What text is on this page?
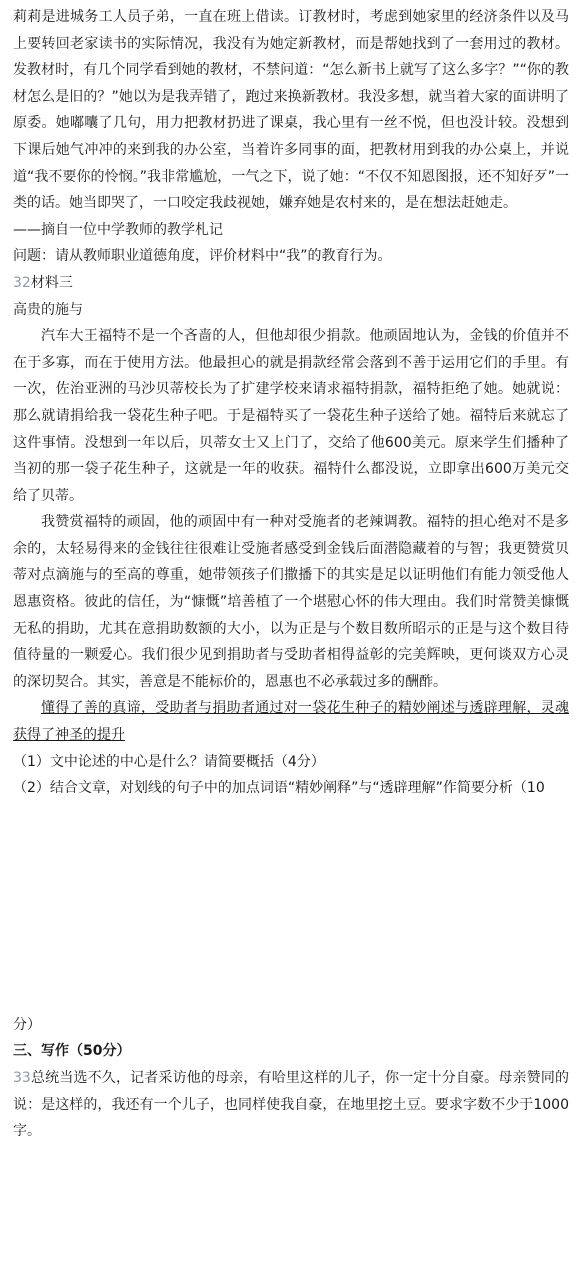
莉莉是进城务工人员子弟，一直在班上借读。订教材时，考虑到她家里的经济条件以及马上要转回老家读书的实际情况，我没有为她定新教材，而是帮她找到了一套用过的教材。发教材时，有几个同学看到她的教材，不禁问道：“怎么新书上就写了这么多字？”“你的教材怎么是旧的？”她以为是我弄错了，跑过来换新教材。我没多想，就当着大家的面讲明了原委。她嘟囔了几句，用力把教材扔进了课桌，我心里有一丝不悦，但也没计较。没想到下课后她气冲冲的来到我的办公室，当着许多同事的面，把教材用到我的办公桌上，并说道“我不要你的怜悯。”我非常尴尬，一气之下，说了她：“不仅不知恩图报，还不知好歹”一类的话。她当即哭了，一口咬定我歧视她，嫌弃她是农村来的，是在想法赶她走。

——摘自一位中学教师的教学札记

问题：请从教师职业道德角度，评价材料中“我”的教育行为。

32材料三

高贵的施与

汽车大王福特不是一个吝啬的人，但他却很少捐款。他顽固地认为，金钱的价值并不在于多寡，而在于使用方法。他最担心的就是捐款经常会落到不善于运用它们的手里。有一次，佐治亚洲的马沙贝蒂校长为了扩建学校来请求福特捐款，福特拒绝了她。她就说：那么就请捐给我一袋花生种子吧。于是福特买了一袋花生种子送给了她。福特后来就忘了这件事情。没想到一年以后，贝蒂女士又上门了，交给了他600美元。原来学生们播种了当初的那一袋子花生种子，这就是一年的收获。福特什么都没说，立即拿出600万美元交给了贝蒂。

我赞赏福特的顽固，他的顽固中有一种对受施者的老辣调教。福特的担心绝对不是多余的，太轻易得来的金钱往往很难让受施者感受到金钱后面潜隐藏着的与智；我更赞赏贝蒂对点滴施与的至高的尊重，她带领孩子们撒播下的其实是足以证明他们有能力领受他人恩惠资格。彼此的信任，为“慷慨”培善植了一个堪慰心怀的伟大理由。我们时常赞美慷慨无私的捐助，尤其在意捐助数额的大小，以为正是与个数目数所昭示的正是与这个数目待值待量的一颗爱心。我们很少见到捐助者与受助者相得益彰的完美辉映，更何谈双方心灵的深切契合。其实，善意是不能标价的，恩惠也不必承载过多的酬酢。

懂得了善的真谛，受助者与捐助者通过对一袋花生种子的精妙阐述与透辟理解，灵魂获得了神圣的提升

（1）文中论述的中心是什么？请简要概括（4分）

（2）结合文章，对划线的句子中的加点词语“精妙阐释”与“透辟理解”作简要分析（10

分）

三、写作（50分）

33总统当选不久，记者采访他的母亲，有哈里这样的儿子，你一定十分自豪。母亲赞同的说：是这样的，我还有一个儿子，也同样使我自豪，在地里挖土豆。要求字数不少于1000字。
